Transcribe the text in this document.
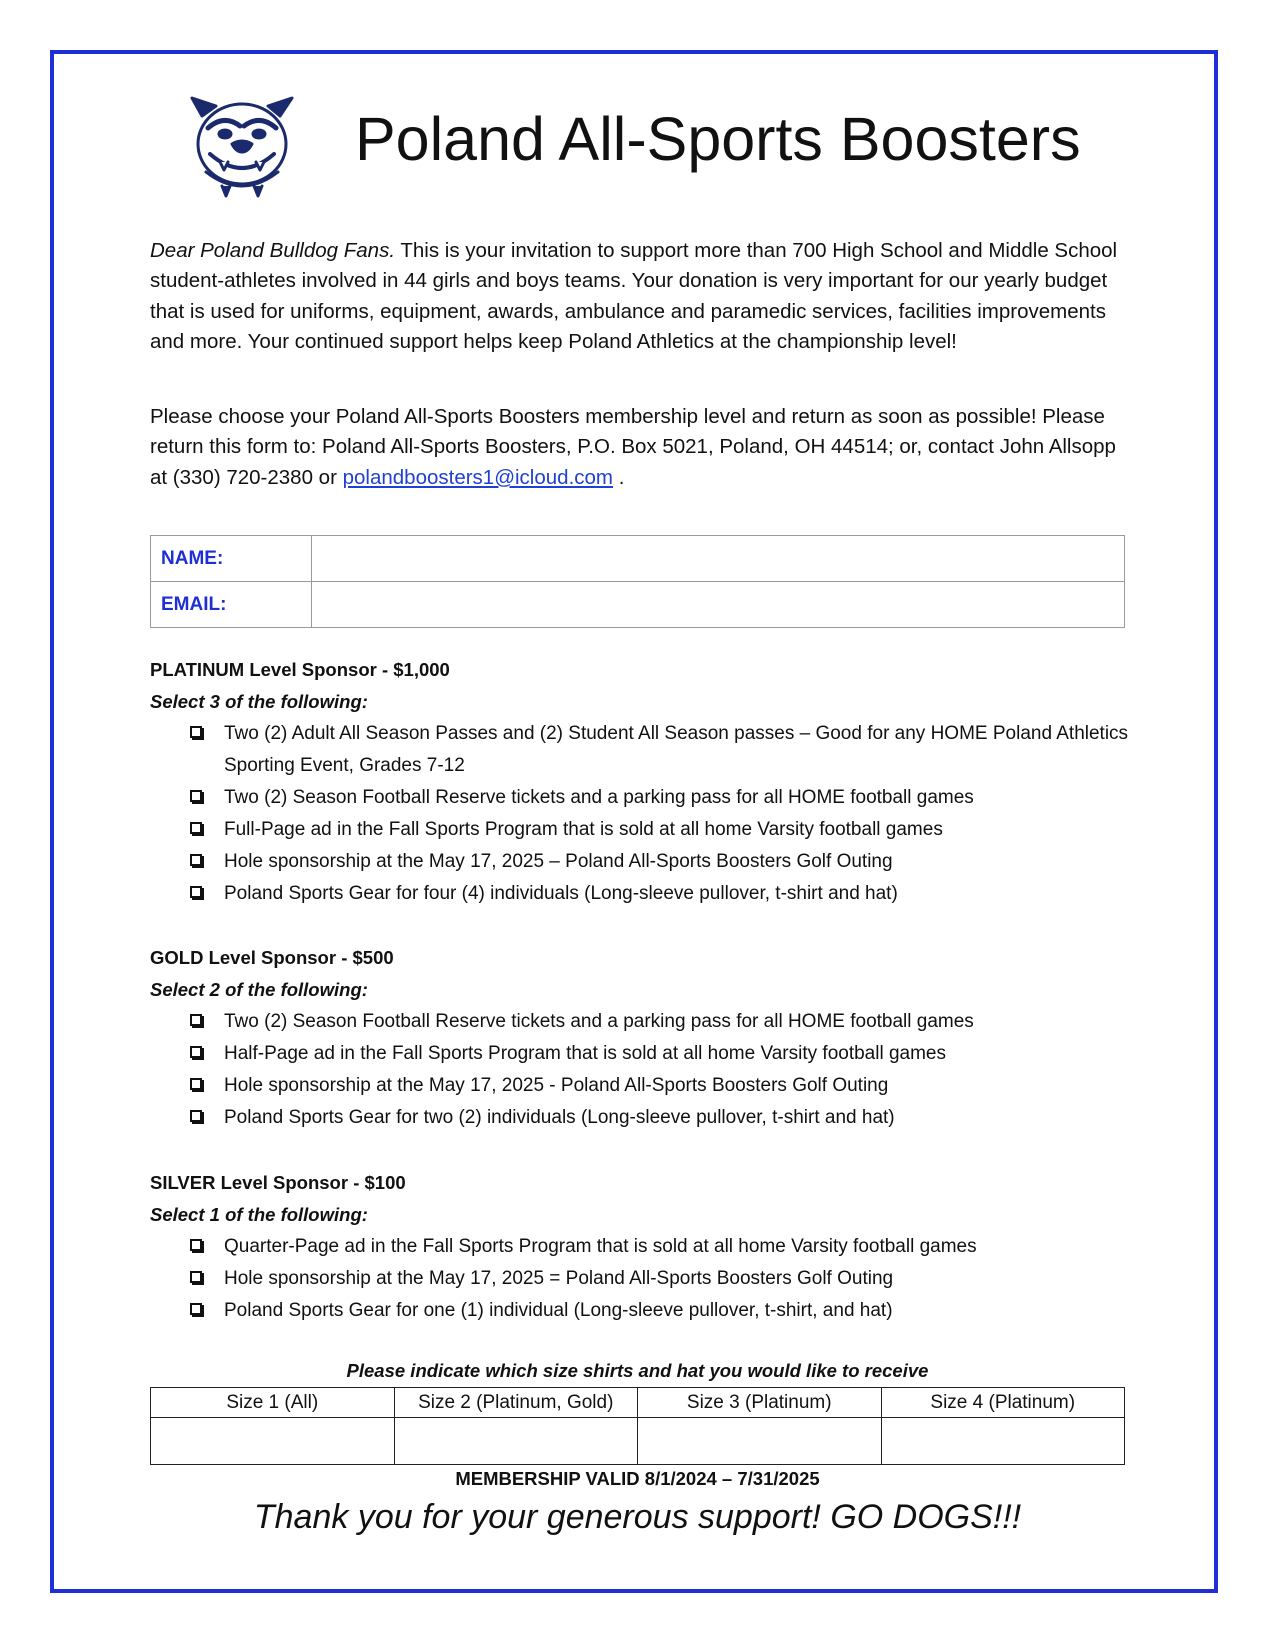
Poland All-Sports Boosters

Dear Poland Bulldog Fans. This is your invitation to support more than 700 High School and Middle School student-athletes involved in 44 girls and boys teams. Your donation is very important for our yearly budget that is used for uniforms, equipment, awards, ambulance and paramedic services, facilities improvements and more. Your continued support helps keep Poland Athletics at the championship level!

Please choose your Poland All-Sports Boosters membership level and return as soon as possible! Please return this form to: Poland All-Sports Boosters, P.O. Box 5021, Poland, OH 44514; or, contact John Allsopp at (330) 720-2380 or polandboosters1@icloud.com .

NAME:	
EMAIL:	
PLATINUM Level Sponsor - $1,000
Select 3 of the following:
Two (2) Adult All Season Passes and (2) Student All Season passes – Good for any HOME Poland Athletics Sporting Event, Grades 7-12
Two (2) Season Football Reserve tickets and a parking pass for all HOME football games
Full-Page ad in the Fall Sports Program that is sold at all home Varsity football games
Hole sponsorship at the May 17, 2025 – Poland All-Sports Boosters Golf Outing
Poland Sports Gear for four (4) individuals (Long-sleeve pullover, t-shirt and hat)
GOLD Level Sponsor - $500
Select 2 of the following:
Two (2) Season Football Reserve tickets and a parking pass for all HOME football games
Half-Page ad in the Fall Sports Program that is sold at all home Varsity football games
Hole sponsorship at the May 17, 2025 - Poland All-Sports Boosters Golf Outing
Poland Sports Gear for two (2) individuals (Long-sleeve pullover, t-shirt and hat)
SILVER Level Sponsor - $100
Select 1 of the following:
Quarter-Page ad in the Fall Sports Program that is sold at all home Varsity football games
Hole sponsorship at the May 17, 2025 = Poland All-Sports Boosters Golf Outing
Poland Sports Gear for one (1) individual (Long-sleeve pullover, t-shirt, and hat)
Please indicate which size shirts and hat you would like to receive
Size 1 (All)	Size 2 (Platinum, Gold)	Size 3 (Platinum)	Size 4 (Platinum)

MEMBERSHIP VALID 8/1/2024 – 7/31/2025
Thank you for your generous support! GO DOGS!!!
